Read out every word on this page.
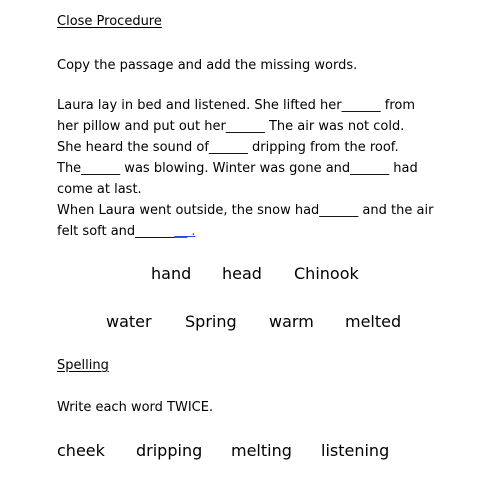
Close Procedure
Copy the passage and add the missing words.
Laura lay in bed and listened. She lifted her______ from
her pillow and put out her______ The air was not cold.
She heard the sound of______ dripping from the roof.
The______ was blowing. Winter was gone and______ had
come at last.
When Laura went outside, the snow had______ and the air
felt soft and________ .
hand head Chinook
water Spring warm melted
Spelling
Write each word TWICE.
cheek dripping melting listening
